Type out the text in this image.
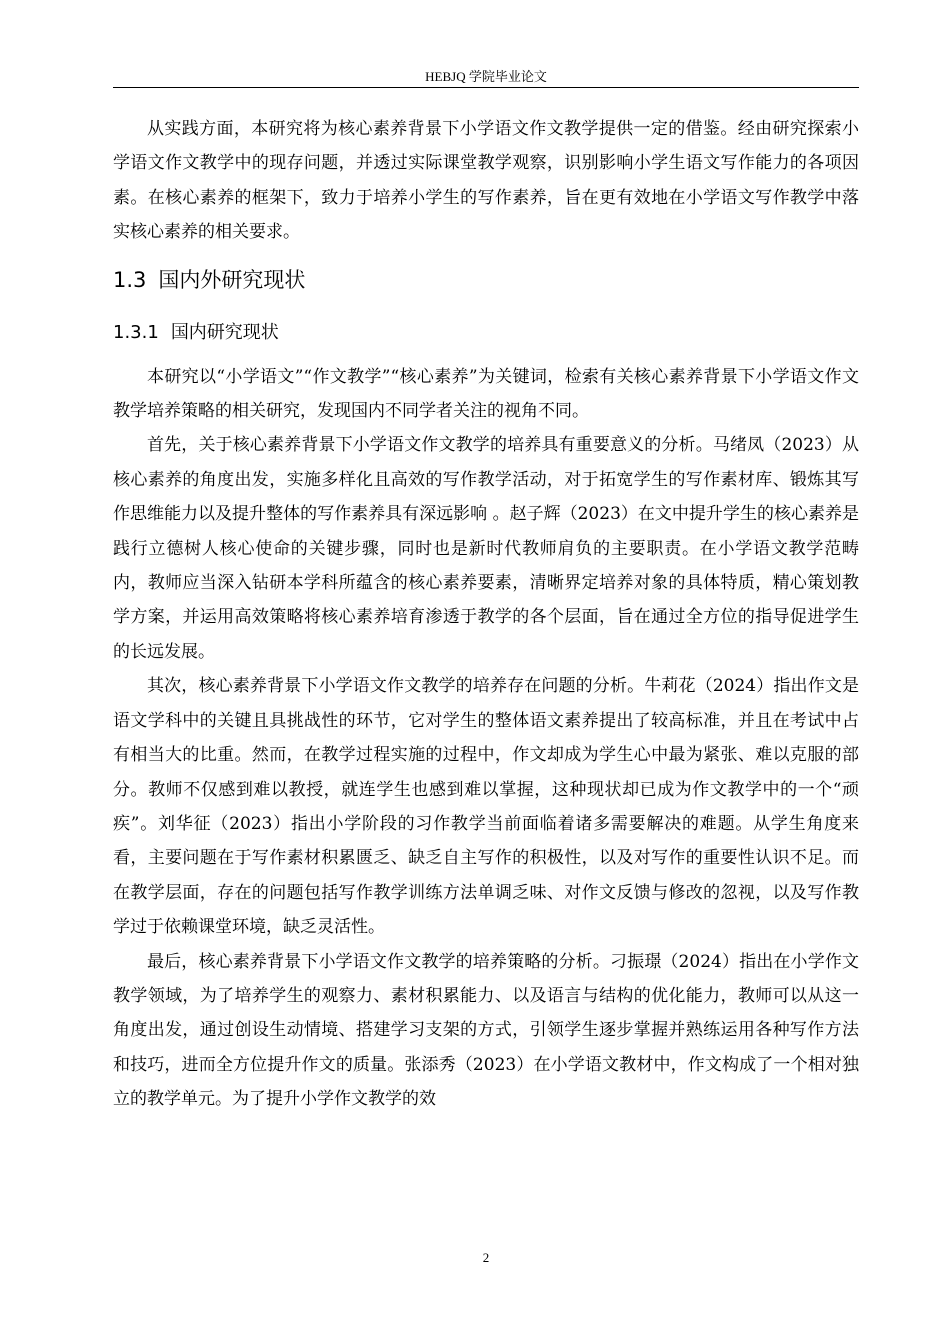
HEBJQ 学院毕业论文

从实践方面，本研究将为核心素养背景下小学语文作文教学提供一定的借鉴。经由研究探索小学语文作文教学中的现存问题，并透过实际课堂教学观察，识别影响小学生语文写作能力的各项因素。在核心素养的框架下，致力于培养小学生的写作素养，旨在更有效地在小学语文写作教学中落实核心素养的相关要求。

1.3 国内外研究现状
1.3.1 国内研究现状

本研究以“小学语文”“作文教学”“核心素养”为关键词，检索有关核心素养背景下小学语文作文教学培养策略的相关研究，发现国内不同学者关注的视角不同。

首先，关于核心素养背景下小学语文作文教学的培养具有重要意义的分析。马绪凤（2023）从核心素养的角度出发，实施多样化且高效的写作教学活动，对于拓宽学生的写作素材库、锻炼其写作思维能力以及提升整体的写作素养具有深远影响 。赵子辉（2023）在文中提升学生的核心素养是践行立德树人核心使命的关键步骤，同时也是新时代教师肩负的主要职责。在小学语文教学范畴内，教师应当深入钻研本学科所蕴含的核心素养要素，清晰界定培养对象的具体特质，精心策划教学方案，并运用高效策略将核心素养培育渗透于教学的各个层面，旨在通过全方位的指导促进学生的长远发展。

其次，核心素养背景下小学语文作文教学的培养存在问题的分析。牛莉花（2024）指出作文是语文学科中的关键且具挑战性的环节，它对学生的整体语文素养提出了较高标准，并且在考试中占有相当大的比重。然而，在教学过程实施的过程中，作文却成为学生心中最为紧张、难以克服的部分。教师不仅感到难以教授，就连学生也感到难以掌握，这种现状却已成为作文教学中的一个“顽疾”。刘华征（2023）指出小学阶段的习作教学当前面临着诸多需要解决的难题。从学生角度来看，主要问题在于写作素材积累匮乏、缺乏自主写作的积极性，以及对写作的重要性认识不足。而在教学层面，存在的问题包括写作教学训练方法单调乏味、对作文反馈与修改的忽视，以及写作教学过于依赖课堂环境，缺乏灵活性。

最后，核心素养背景下小学语文作文教学的培养策略的分析。刁振璟（2024）指出在小学作文教学领域，为了培养学生的观察力、素材积累能力、以及语言与结构的优化能力，教师可以从这一角度出发，通过创设生动情境、搭建学习支架的方式，引领学生逐步掌握并熟练运用各种写作方法和技巧，进而全方位提升作文的质量。张添秀（2023）在小学语文教材中，作文构成了一个相对独立的教学单元。为了提升小学作文教学的效

2
